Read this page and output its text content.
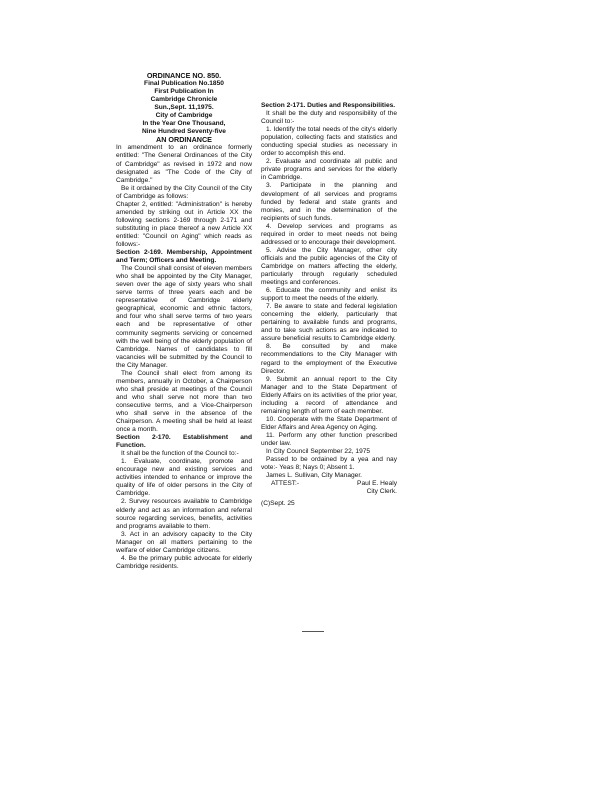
ORDINANCE NO. 850.
Final Publication No.1850
First Publication In
Cambridge Chronicle
Sun.,Sept. 11,1975.
City of Cambridge
In the Year One Thousand,
Nine Hundred Seventy-five
AN ORDINANCE

In amendment to an ordinance formerly entitled: "The General Ordinances of the City of Cambridge" as revised in 1972 and now designated as "The Code of the City of Cambridge."

Be it ordained by the City Council of the City of Cambridge as follows:

Chapter 2, entitled: "Administration" is hereby amended by striking out in Article XX the following sections 2-169 through 2-171 and substituting in place thereof a new Article XX entitled: "Council on Aging" which reads as follows:-

Section 2-169. Membership, Appointment and Term; Officers and Meeting.

The Council shall consist of eleven members who shall be appointed by the City Manager, seven over the age of sixty years who shall serve terms of three years each and be representative of Cambridge elderly geographical, economic and ethnic factors, and four who shall serve terms of two years each and be representative of other community segments servicing or concerned with the well being of the elderly population of Cambridge. Names of candidates to fill vacancies will be submitted by the Council to the City Manager.

The Council shall elect from among its members, annually in October, a Chairperson who shall preside at meetings of the Council and who shall serve not more than two consecutive terms, and a Vice-Chairperson who shall serve in the absence of the Chairperson. A meeting shall be held at least once a month.

Section 2-170. Establishment and Function.

It shall be the function of the Council to:-

1. Evaluate, coordinate, promote and encourage new and existing services and activities intended to enhance or improve the quality of life of older persons in the City of Cambridge.

2. Survey resources available to Cambridge elderly and act as an information and referral source regarding services, benefits, activities and programs available to them.

3. Act in an advisory capacity to the City Manager on all matters pertaining to the welfare of elder Cambridge citizens.

4. Be the primary public advocate for elderly Cambridge residents.

Section 2-171. Duties and Responsibilities.

It shall be the duty and responsibility of the Council to:-

1. Identify the total needs of the city's elderly population, collecting facts and statistics and conducting special studies as necessary in order to accomplish this end.

2. Evaluate and coordinate all public and private programs and services for the elderly in Cambridge.

3. Participate in the planning and development of all services and programs funded by federal and state grants and monies, and in the determination of the recipients of such funds.

4. Develop services and programs as required in order to meet needs not being addressed or to encourage their development.

5. Advise the City Manager, other city officials and the public agencies of the City of Cambridge on matters affecting the elderly, particularly through regularly scheduled meetings and conferences.

6. Educate the community and enlist its support to meet the needs of the elderly.

7. Be aware to state and federal legislation concerning the elderly, particularly that pertaining to available funds and programs, and to take such actions as are indicated to assure beneficial results to Cambridge elderly.

8. Be consulted by and make recommendations to the City Manager with regard to the employment of the Executive Director.

9. Submit an annual report to the City Manager and to the State Department of Elderly Affairs on its activities of the prior year, including a record of attendance and remaining length of term of each member.

10. Cooperate with the State Department of Elder Affairs and Area Agency on Aging.

11. Perform any other function prescribed under law.

In City Council September 22, 1975

Passed to be ordained by a yea and nay vote:- Yeas 8; Nays 0; Absent 1.

James L. Sullivan, City Manager.

ATTEST:-	Paul E. Healy
City Clerk.
(C)Sept. 25
